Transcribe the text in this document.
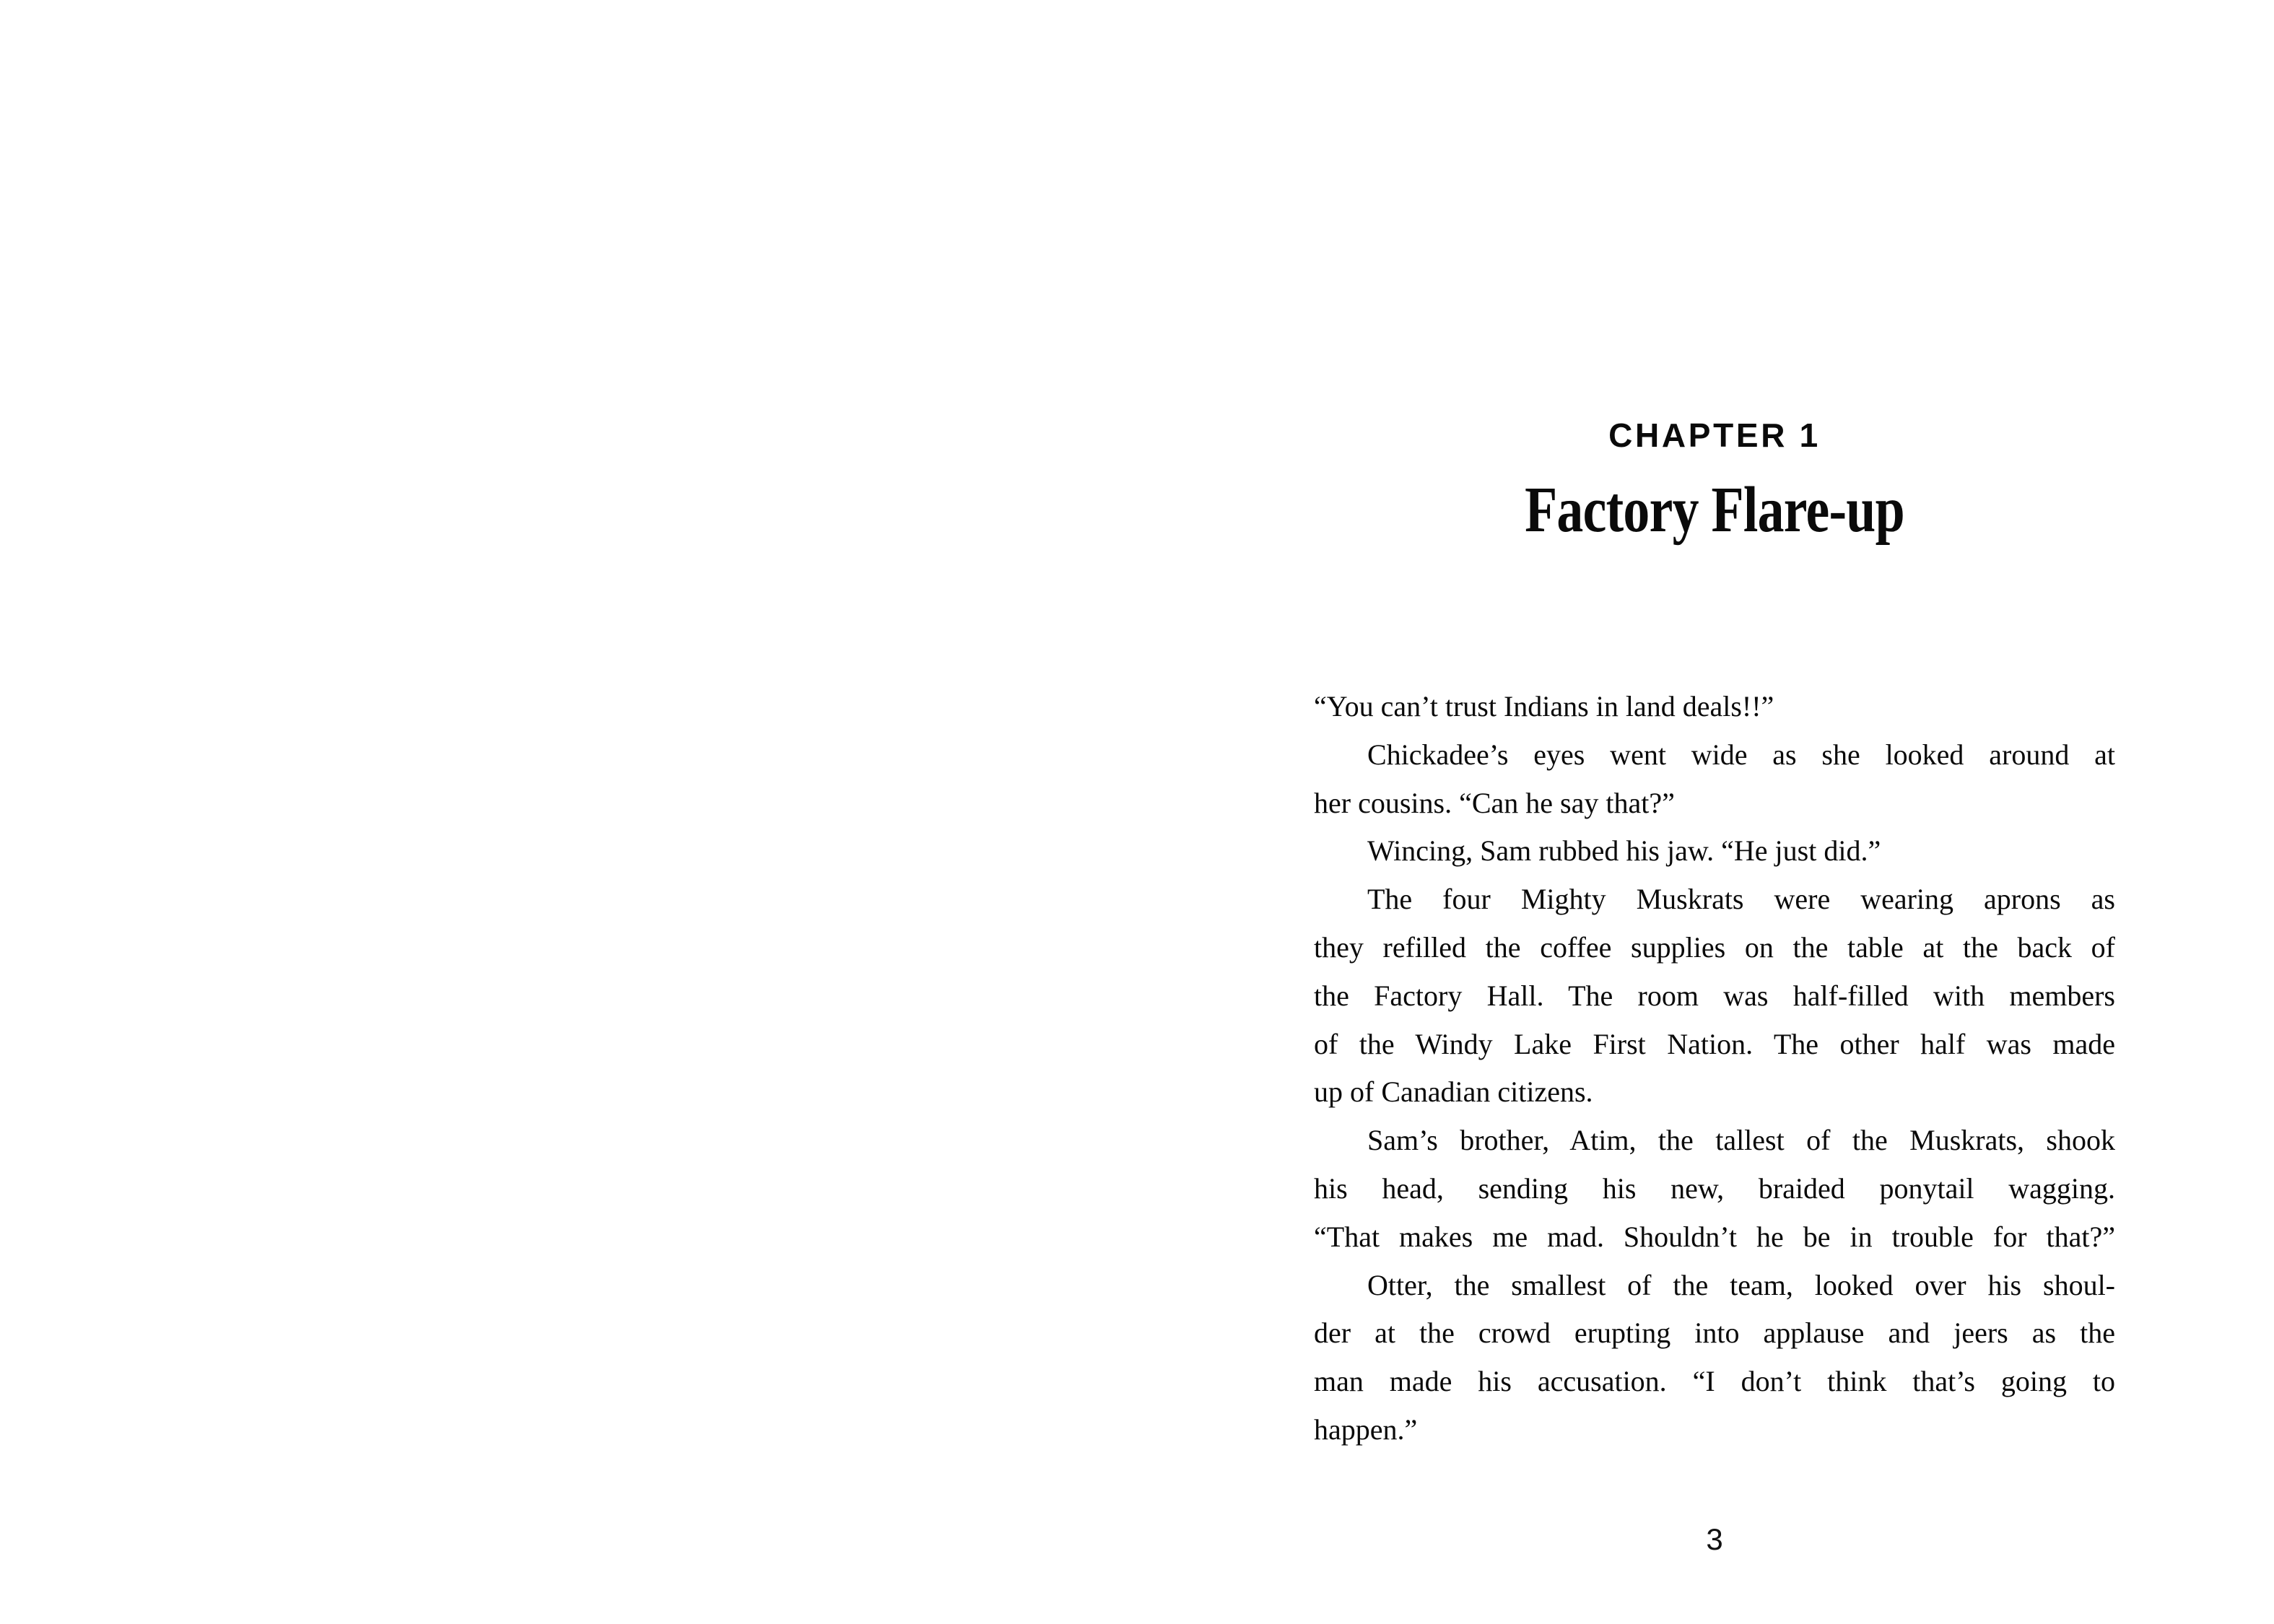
CHAPTER 1
Factory Flare-up
“You can’t trust Indians in land deals!!”
Chickadee’s eyes went wide as she looked around at
her cousins. “Can he say that?”
Wincing, Sam rubbed his jaw. “He just did.”
The four Mighty Muskrats were wearing aprons as
they refilled the coffee supplies on the table at the back of
the Factory Hall. The room was half-filled with members
of the Windy Lake First Nation. The other half was made
up of Canadian citizens.
Sam’s brother, Atim, the tallest of the Muskrats, shook
his head, sending his new, braided ponytail wagging.
“That makes me mad. Shouldn’t he be in trouble for that?”
Otter, the smallest of the team, looked over his shoul-
der at the crowd erupting into applause and jeers as the
man made his accusation. “I don’t think that’s going to
happen.”
3
